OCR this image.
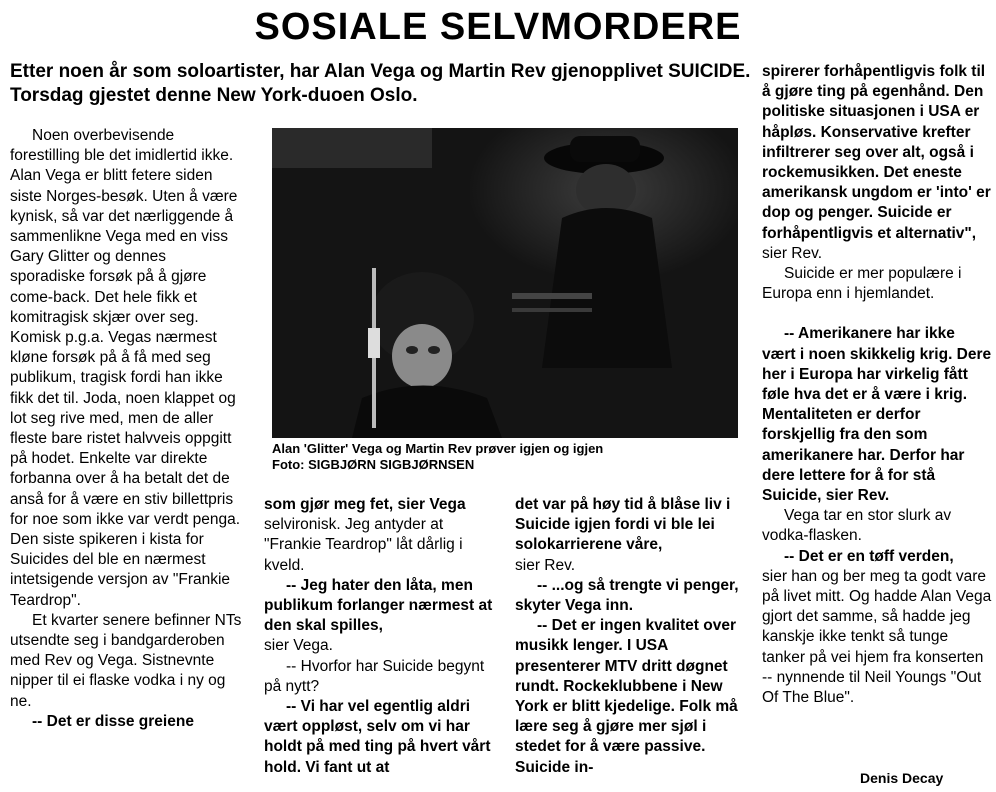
SOSIALE SELVMORDERE
Etter noen år som soloartister, har Alan Vega og Martin Rev gjenopplivet SUICIDE. Torsdag gjestet denne New York-duoen Oslo.

Noen overbevisende forestilling ble det imidlertid ikke. Alan Vega er blitt fetere siden siste Norges-besøk. Uten å være kynisk, så var det nærliggende å sammenlikne Vega med en viss Gary Glitter og dennes sporadiske forsøk på å gjøre come-back. Det hele fikk et komitragisk skjær over seg. Komisk p.g.a. Vegas nærmest kløne forsøk på å få med seg publikum, tragisk fordi han ikke fikk det til. Joda, noen klappet og lot seg rive med, men de aller fleste bare ristet halvveis oppgitt på hodet. Enkelte var direkte forbanna over å ha betalt det de anså for å være en stiv billettpris for noe som ikke var verdt penga. Den siste spikeren i kista for Suicides del ble en nærmest intetsigende versjon av "Frankie Teardrop".

Et kvarter senere befinner NTs utsendte seg i bandgarderoben med Rev og Vega. Sistnevnte nipper til ei flaske vodka i ny og ne.

-- Det er disse greiene

Alan 'Glitter' Vega og Martin Rev prøver igjen og igjen
Foto: SIGBJØRN SIGBJØRNSEN

som gjør meg fet, sier Vega

selvironisk. Jeg antyder at "Frankie Teardrop" låt dårlig i kveld.

-- Jeg hater den låta, men publikum forlanger nærmest at den skal spilles,

sier Vega.

-- Hvorfor har Suicide begynt på nytt?

-- Vi har vel egentlig aldri vært oppløst, selv om vi har holdt på med ting på hvert vårt hold. Vi fant ut at

det var på høy tid å blåse liv i Suicide igjen fordi vi ble lei solokarrierene våre,

sier Rev.

-- ...og så trengte vi penger, skyter Vega inn.

-- Det er ingen kvalitet over musikk lenger. I USA presenterer MTV dritt døgnet rundt. Rockeklubbene i New York er blitt kjedelige. Folk må lære seg å gjøre mer sjøl i stedet for å være passive. Suicide in-

spirerer forhåpentligvis folk til å gjøre ting på egenhånd. Den politiske situasjonen i USA er håpløs. Konservative krefter infiltrerer seg over alt, også i rockemusikken. Det eneste amerikansk ungdom er 'into' er dop og penger. Suicide er forhåpentligvis et alternativ",

sier Rev.

Suicide er mer populære i Europa enn i hjemlandet.

-- Amerikanere har ikke vært i noen skikkelig krig. Dere her i Europa har virkelig fått føle hva det er å være i krig. Mentaliteten er derfor forskjellig fra den som amerikanere har. Derfor har dere lettere for å for stå Suicide, sier Rev.

Vega tar en stor slurk av vodka-flasken.

-- Det er en tøff verden,

sier han og ber meg ta godt vare på livet mitt. Og hadde Alan Vega gjort det samme, så hadde jeg kanskje ikke tenkt så tunge tanker på vei hjem fra konserten -- nynnende til Neil Youngs "Out Of The Blue".

Denis Decay
